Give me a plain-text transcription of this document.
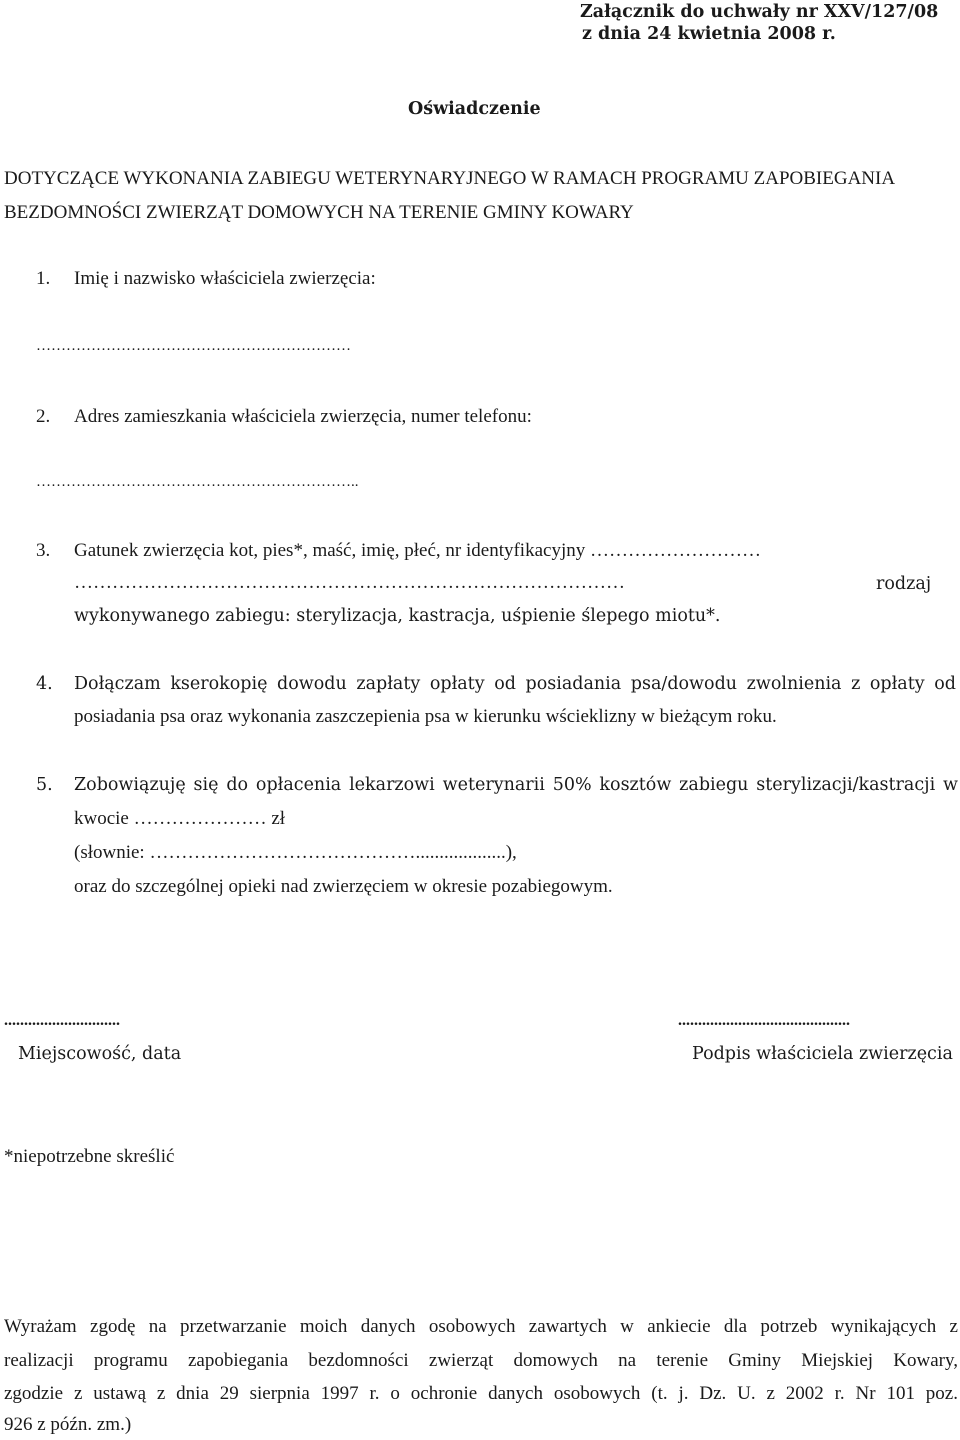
Załącznik do uchwały nr XXV/127/08
z dnia 24 kwietnia 2008 r.
Oświadczenie
DOTYCZĄCE WYKONANIA ZABIEGU WETERYNARYJNEGO W RAMACH PROGRAMU ZAPOBIEGANIA
BEZDOMNOŚCI ZWIERZĄT DOMOWYCH NA TERENIE GMINY KOWARY
1. Imię i nazwisko właściciela zwierzęcia:
………………………………………………………
2. Adres zamieszkania właściciela zwierzęcia, numer telefonu:
………………………………………………………..
3. Gatunek zwierzęcia kot, pies*, maść, imię, płeć, nr identyfikacyjny ………………………
……………………………………………………………………………	rodzaj
wykonywanego zabiegu: sterylizacja, kastracja, uśpienie ślepego miotu*.
4. Dołączam kserokopię dowodu zapłaty opłaty od posiadania psa/dowodu zwolnienia z opłaty od
posiadania psa oraz wykonania zaszczepienia psa w kierunku wścieklizny w bieżącym roku.
5. Zobowiązuję się do opłacenia lekarzowi weterynarii 50% kosztów zabiegu sterylizacji/kastracji w
kwocie ………………… zł
(słownie: ……………………………………...................),
oraz do szczególnej opieki nad zwierzęciem w okresie pozabiegowym.
.............................
Miejscowość, data
...........................................
Podpis właściciela zwierzęcia
*niepotrzebne skreślić
Wyrażam zgodę na przetwarzanie moich danych osobowych zawartych w ankiecie dla potrzeb wynikających z
realizacji programu zapobiegania bezdomności zwierząt domowych na terenie Gminy Miejskiej Kowary,
zgodzie z ustawą z dnia 29 sierpnia 1997 r. o ochronie danych osobowych (t. j. Dz. U. z 2002 r. Nr 101 poz.
926 z późn. zm.)
